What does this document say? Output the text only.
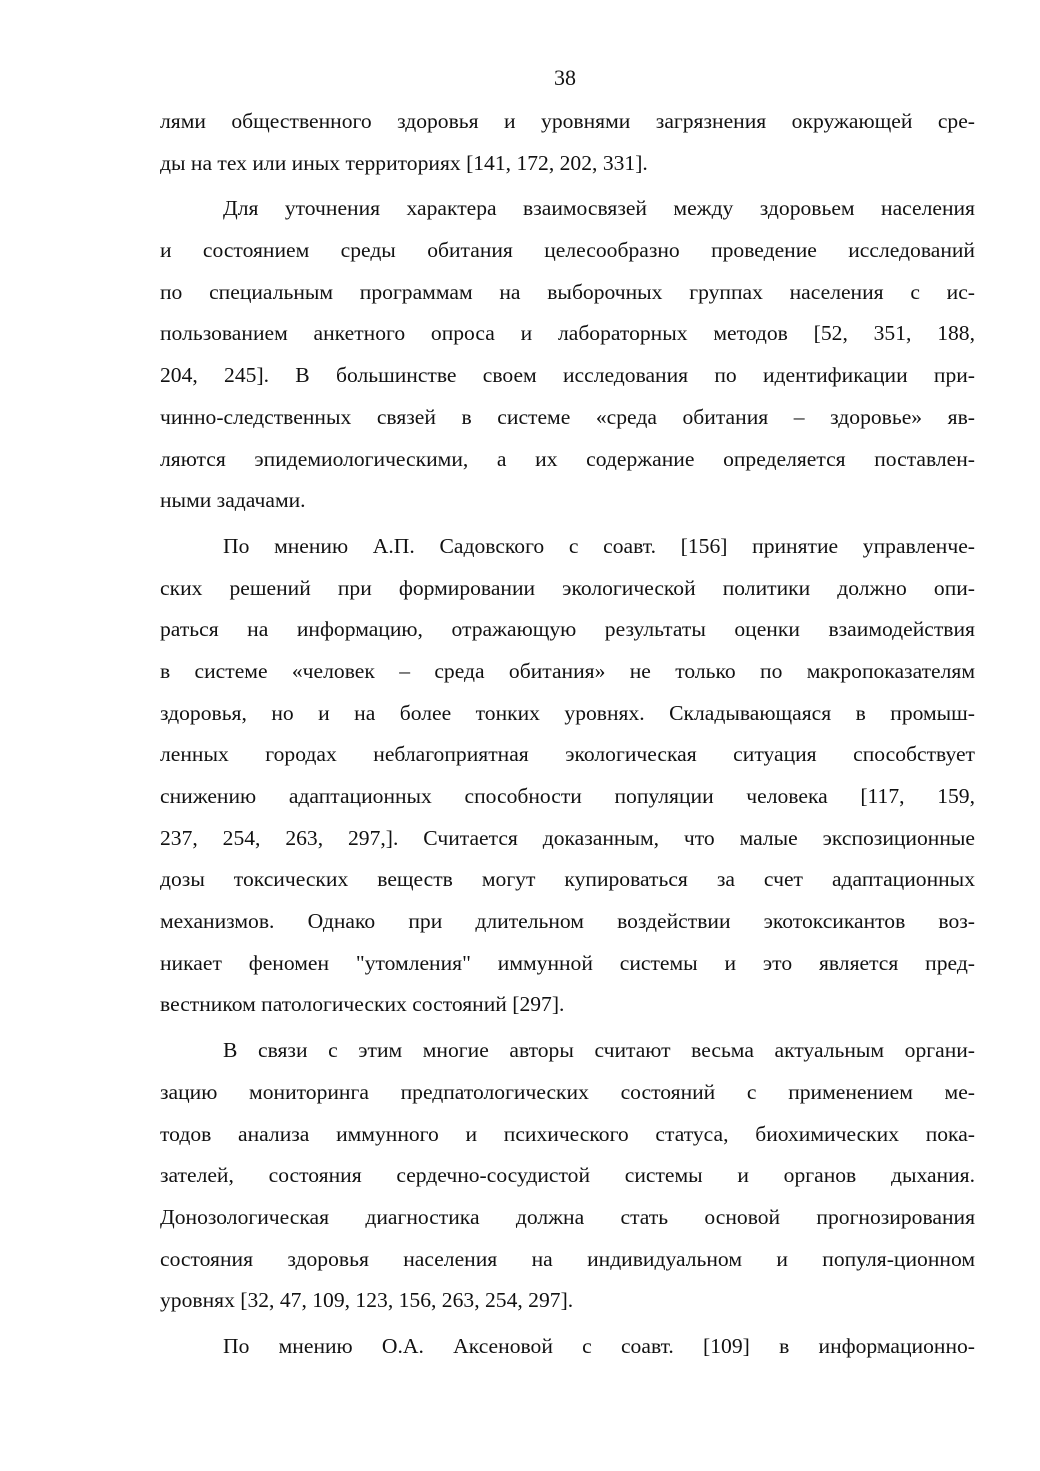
38
лями общественного здоровья и уровнями загрязнения окружающей сре-
ды на тех или иных территориях [141, 172, 202, 331].
Для уточнения характера взаимосвязей между здоровьем населения
и состоянием среды обитания целесообразно проведение исследований
по специальным программам на выборочных группах населения с ис-
пользованием анкетного опроса и лабораторных методов [52, 351, 188,
204, 245]. В большинстве своем исследования по идентификации при-
чинно-следственных связей в системе «среда обитания – здоровье» яв-
ляются эпидемиологическими, а их содержание определяется поставлен-
ными задачами.
По мнению А.П. Садовского с соавт. [156] принятие управленче-
ских решений при формировании экологической политики должно опи-
раться на информацию, отражающую результаты оценки взаимодействия
в системе «человек – среда обитания» не только по макропоказателям
здоровья, но и на более тонких уровнях. Складывающаяся в промыш-
ленных городах неблагоприятная экологическая ситуация способствует
снижению адаптационных способности популяции человека [117, 159,
237, 254, 263, 297,]. Считается доказанным, что малые экспозиционные
дозы токсических веществ могут купироваться за счет адаптационных
механизмов. Однако при длительном воздействии экотоксикантов воз-
никает феномен "утомления" иммунной системы и это является пред-
вестником патологических состояний [297].
В связи с этим многие авторы считают весьма актуальным органи-
зацию мониторинга предпатологических состояний с применением ме-
тодов анализа иммунного и психического статуса, биохимических пока-
зателей, состояния сердечно-сосудистой системы и органов дыхания.
Донозологическая диагностика должна стать основой прогнозирования
состояния здоровья населения на индивидуальном и популя-ционном
уровнях [32, 47, 109, 123, 156, 263, 254, 297].
По мнению О.А. Аксеновой с соавт. [109] в информационно-
